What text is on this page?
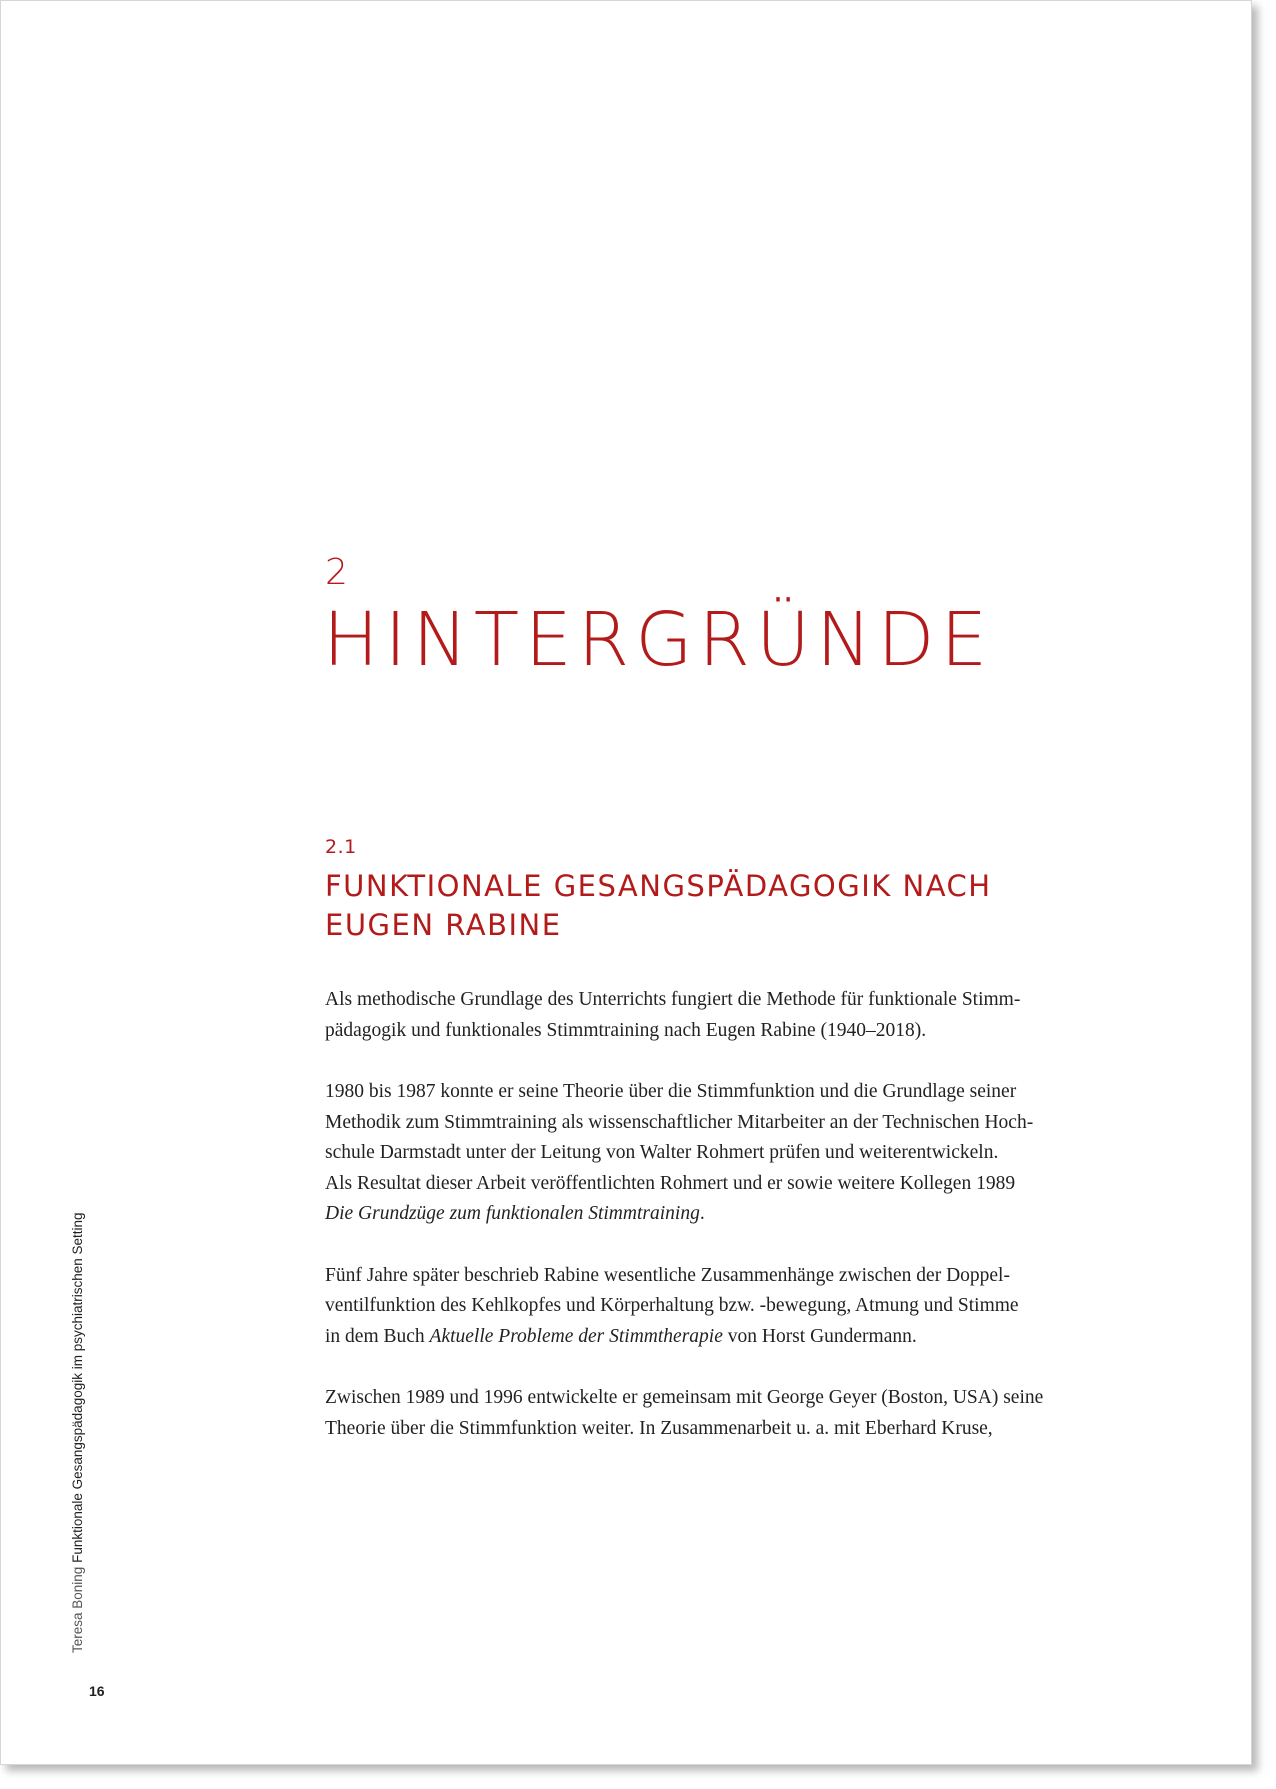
2
HINTERGRÜNDE
2.1
FUNKTIONALE GESANGSPÄDAGOGIK NACH
EUGEN RABINE

Als methodische Grundlage des Unterrichts fungiert die Methode für funktionale Stimm-
pädagogik und funktionales Stimmtraining nach Eugen Rabine (1940–2018).

1980 bis 1987 konnte er seine Theorie über die Stimmfunktion und die Grundlage seiner
Methodik zum Stimmtraining als wissenschaftlicher Mitarbeiter an der Technischen Hoch-
schule Darmstadt unter der Leitung von Walter Rohmert prüfen und weiterentwickeln.
Als Resultat dieser Arbeit veröffentlichten Rohmert und er sowie weitere Kollegen 1989
Die Grundzüge zum funktionalen Stimmtraining.

Fünf Jahre später beschrieb Rabine wesentliche Zusammenhänge zwischen der Doppel-
ventilfunktion des Kehlkopfes und Körperhaltung bzw. -bewegung, Atmung und Stimme
in dem Buch Aktuelle Probleme der Stimmtherapie von Horst Gundermann.

Zwischen 1989 und 1996 entwickelte er gemeinsam mit George Geyer (Boston, USA) seine
Theorie über die Stimmfunktion weiter. In Zusammenarbeit u. a. mit Eberhard Kruse,

Teresa Boning Funktionale Gesangspädagogik im psychiatrischen Setting
16
